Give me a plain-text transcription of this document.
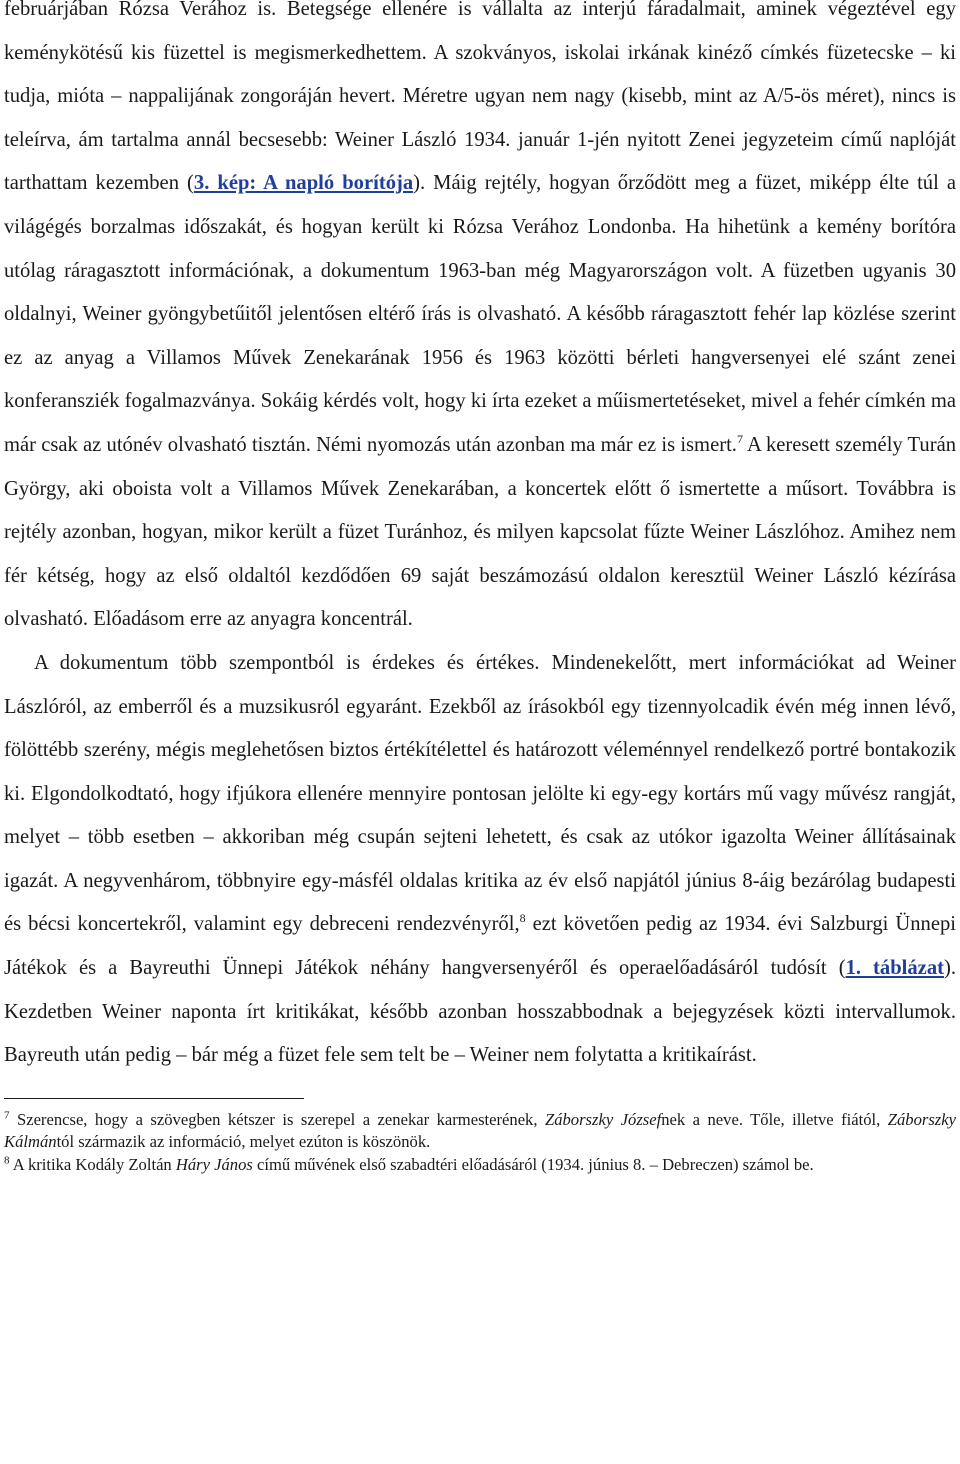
februárjában Rózsa Verához is. Betegsége ellenére is vállalta az interjú fáradalmait, aminek végeztével egy keménykötésű kis füzettel is megismerkedhettem. A szokványos, iskolai irkának kinéző címkés füzetecske ‒ ki tudja, mióta ‒ nappalijának zongoráján hevert. Méretre ugyan nem nagy (kisebb, mint az A/5-ös méret), nincs is teleírva, ám tartalma annál becsesebb: Weiner László 1934. január 1-jén nyitott Zenei jegyzeteim című naplóját tarthattam kezemben (3. kép: A napló borítója). Máig rejtély, hogyan őrződött meg a füzet, miképp élte túl a világégés borzalmas időszakát, és hogyan került ki Rózsa Verához Londonba. Ha hihetünk a kemény borítóra utólag ráragasztott információnak, a dokumentum 1963-ban még Magyarországon volt. A füzetben ugyanis 30 oldalnyi, Weiner gyöngybetűitől jelentősen eltérő írás is olvasható. A később ráragasztott fehér lap közlése szerint ez az anyag a Villamos Művek Zenekarának 1956 és 1963 közötti bérleti hangversenyei elé szánt zenei konferansziék fogalmazványa. Sokáig kérdés volt, hogy ki írta ezeket a műismertetéseket, mivel a fehér címkén ma már csak az utónév olvasható tisztán. Némi nyomozás után azonban ma már ez is ismert.$^7$ A keresett személy Turán György, aki oboista volt a Villamos Művek Zenekarában, a koncertek előtt ő ismertette a műsort. Továbbra is rejtély azonban, hogyan, mikor került a füzet Turánhoz, és milyen kapcsolat fűzte Weiner Lászlóhoz. Amihez nem fér kétség, hogy az első oldaltól kezdődően 69 saját beszámozású oldalon keresztül Weiner László kézírása olvasható. Előadásom erre az anyagra koncentrál.

A dokumentum több szempontból is érdekes és értékes. Mindenekelőtt, mert információkat ad Weiner Lászlóról, az emberről és a muzsikusról egyaránt. Ezekből az írásokból egy tizennyolcadik évén még innen lévő, fölöttébb szerény, mégis meglehetősen biztos értékítélettel és határozott véleménnyel rendelkező portré bontakozik ki. Elgondolkodtató, hogy ifjúkora ellenére mennyire pontosan jelölte ki egy-egy kortárs mű vagy művész rangját, melyet ‒ több esetben ‒ akkoriban még csupán sejteni lehetett, és csak az utókor igazolta Weiner állításainak igazát. A negyvenhárom, többnyire egy-másfél oldalas kritika az év első napjától június 8-áig bezárólag budapesti és bécsi koncertekről, valamint egy debreceni rendezvényről,$^8$ ezt követően pedig az 1934. évi Salzburgi Ünnepi Játékok és a Bayreuthi Ünnepi Játékok néhány hangversenyéről és operaelőadásáról tudósít (1. táblázat). Kezdetben Weiner naponta írt kritikákat, később azonban hosszabbodnak a bejegyzések közti intervallumok. Bayreuth után pedig ‒ bár még a füzet fele sem telt be ‒ Weiner nem folytatta a kritikaírást.

$^7$ Szerencse, hogy a szövegben kétszer is szerepel a zenekar karmesterének, Záborszky Józsefnek a neve. Tőle, illetve fiától, Záborszky Kálmántól származik az információ, melyet ezúton is köszönök.

$^8$ A kritika Kodály Zoltán Háry János című művének első szabadtéri előadásáról (1934. június 8. ‒ Debreczen) számol be.
